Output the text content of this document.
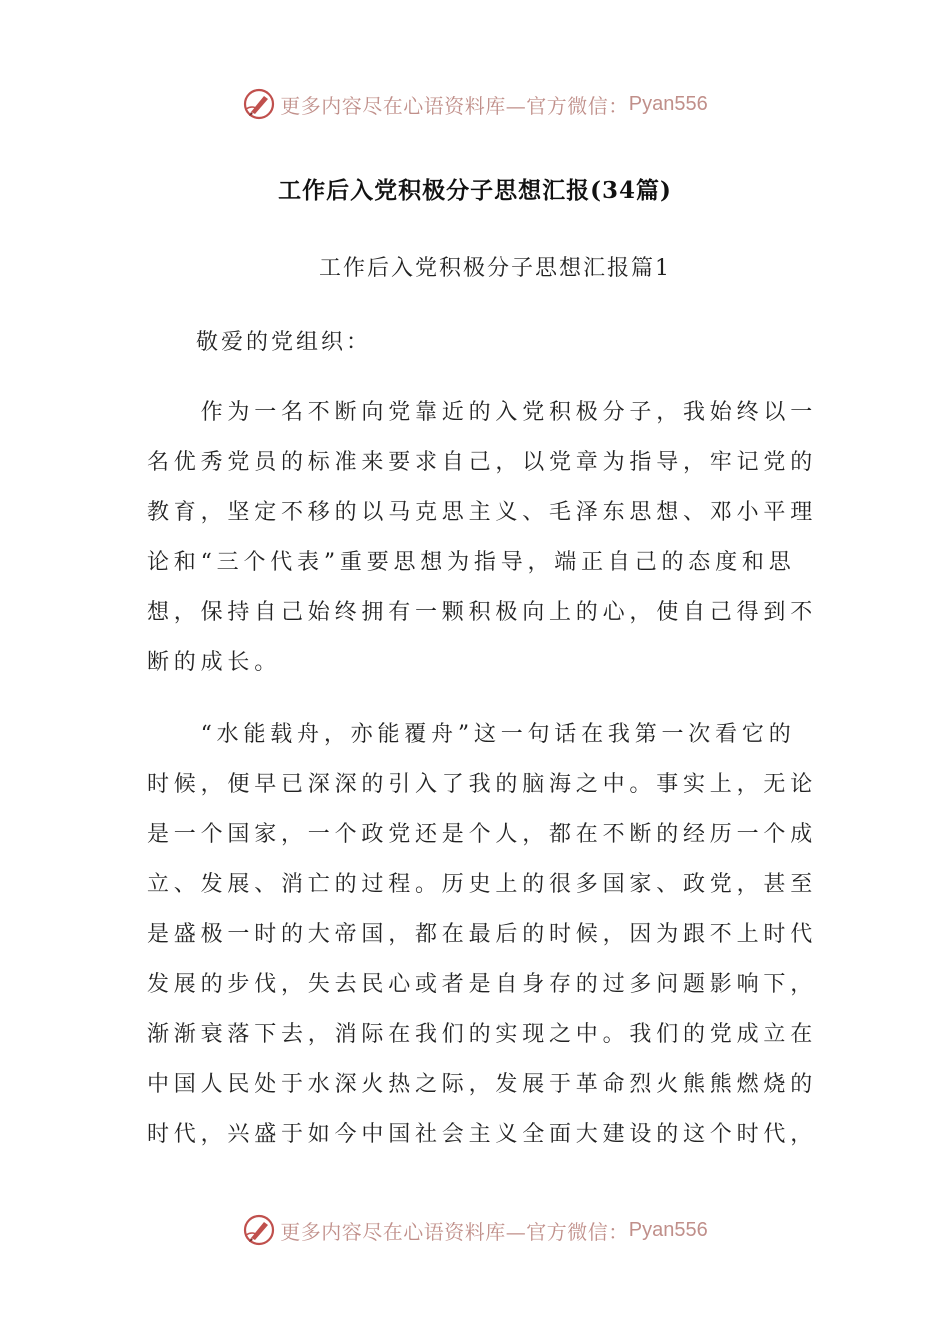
更多内容尽在心语资料库—官方微信： Pyan556
工作后入党积极分子思想汇报(34篇)
工作后入党积极分子思想汇报篇1
敬爱的党组织：
　　作为一名不断向党靠近的入党积极分子，我始终以一
名优秀党员的标准来要求自己，以党章为指导，牢记党的
教育，坚定不移的以马克思主义、毛泽东思想、邓小平理
论和“三个代表”重要思想为指导，端正自己的态度和思
想，保持自己始终拥有一颗积极向上的心，使自己得到不
断的成长。
　　“水能载舟，亦能覆舟”这一句话在我第一次看它的
时候，便早已深深的引入了我的脑海之中。事实上，无论
是一个国家，一个政党还是个人，都在不断的经历一个成
立、发展、消亡的过程。历史上的很多国家、政党，甚至
是盛极一时的大帝国，都在最后的时候，因为跟不上时代
发展的步伐，失去民心或者是自身存的过多问题影响下，
渐渐衰落下去，消际在我们的实现之中。我们的党成立在
中国人民处于水深火热之际，发展于革命烈火熊熊燃烧的
时代，兴盛于如今中国社会主义全面大建设的这个时代，
更多内容尽在心语资料库—官方微信： Pyan556
